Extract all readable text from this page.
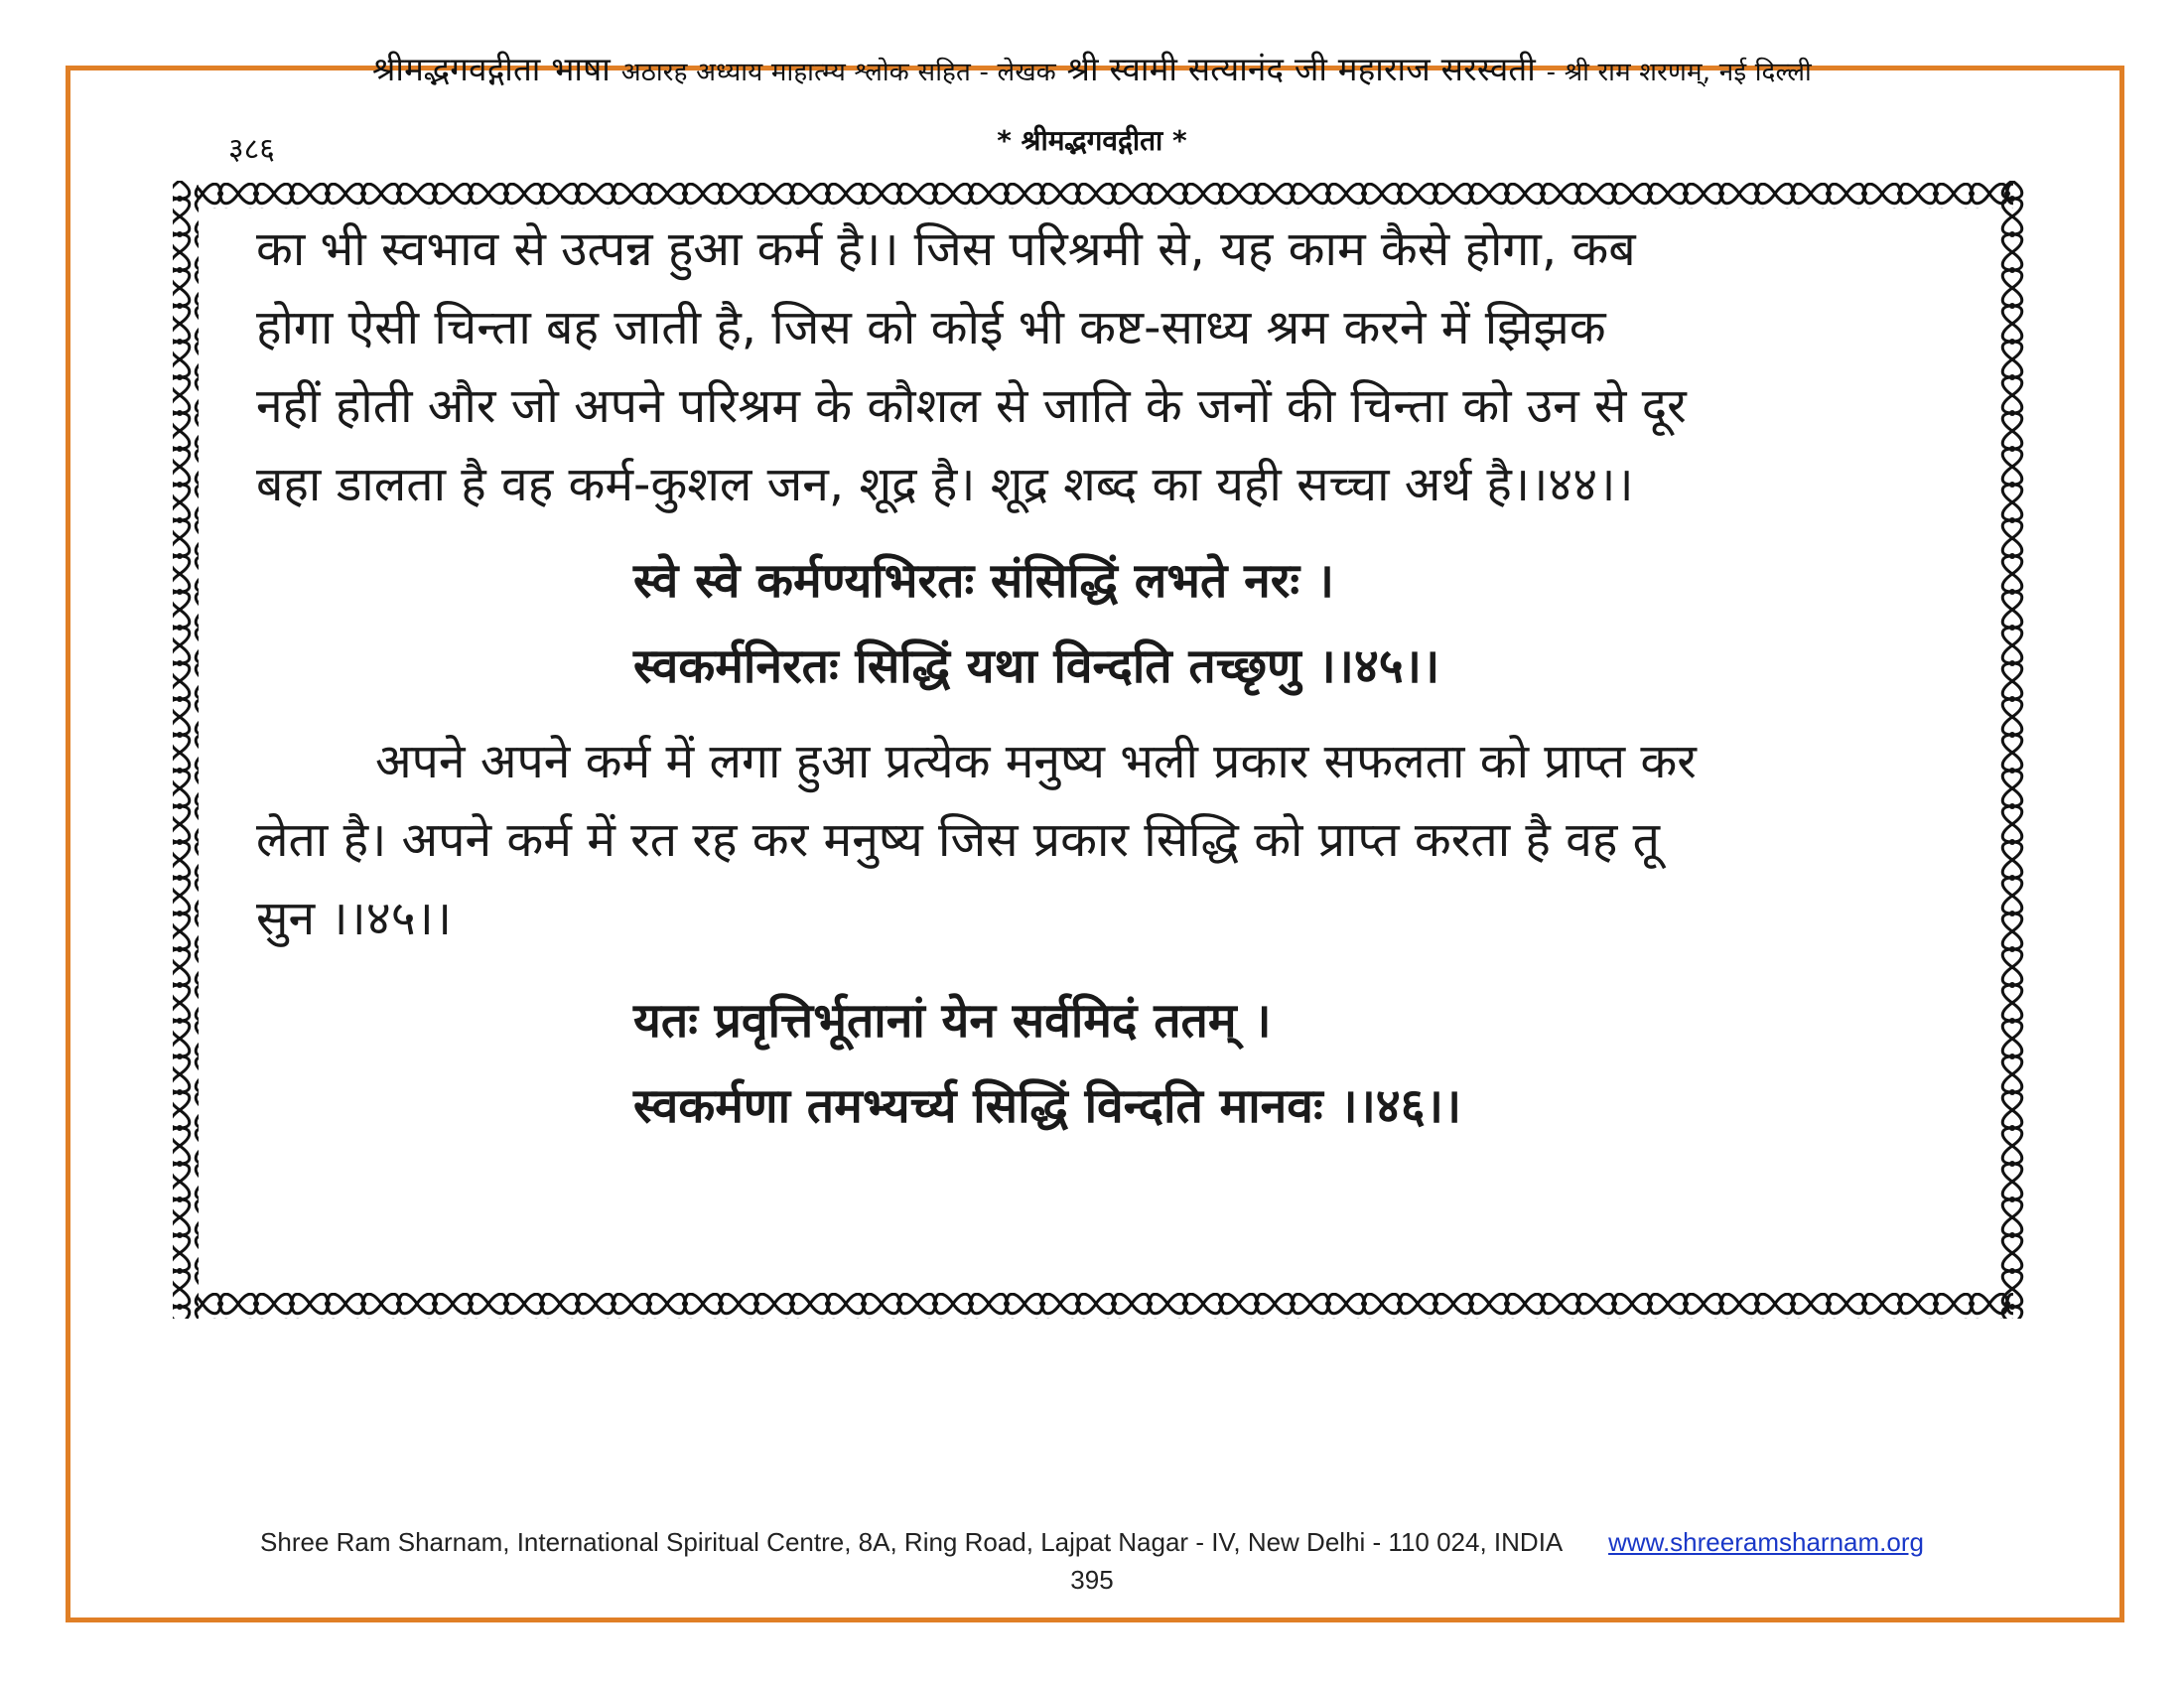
श्रीमद्भगवद्गीता भाषा अठारह अध्याय माहात्म्य श्लोक सहित - लेखक श्री स्वामी सत्यानंद जी महाराज सरस्वती - श्री राम शरणम्, नई दिल्ली
३८६	* श्रीमद्भगवद्गीता *

का भी स्वभाव से उत्पन्न हुआ कर्म है।। जिस परिश्रमी से, यह काम कैसे होगा, कब

होगा ऐसी चिन्ता बह जाती है, जिस को कोई भी कष्ट-साध्य श्रम करने में झिझक

नहीं होती और जो अपने परिश्रम के कौशल से जाति के जनों की चिन्ता को उन से दूर

बहा डालता है वह कर्म-कुशल जन, शूद्र है। शूद्र शब्द का यही सच्चा अर्थ है।।४४।।

स्वे स्वे कर्मण्यभिरतः संसिद्धिं लभते नरः ।

स्वकर्मनिरतः सिद्धिं यथा विन्दति तच्छृणु ।।४५।।

अपने अपने कर्म में लगा हुआ प्रत्येक मनुष्य भली प्रकार सफलता को प्राप्त कर

लेता है। अपने कर्म में रत रह कर मनुष्य जिस प्रकार सिद्धि को प्राप्त करता है वह तू

सुन ।।४५।।

यतः प्रवृत्तिर्भूतानां येन सर्वमिदं ततम् ।

स्वकर्मणा तमभ्यर्च्य सिद्धिं विन्दति मानवः ।।४६।।

Shree Ram Sharnam, International Spiritual Centre, 8A, Ring Road, Lajpat Nagar - IV, New Delhi - 110 024, INDIA www.shreeramsharnam.org
395
